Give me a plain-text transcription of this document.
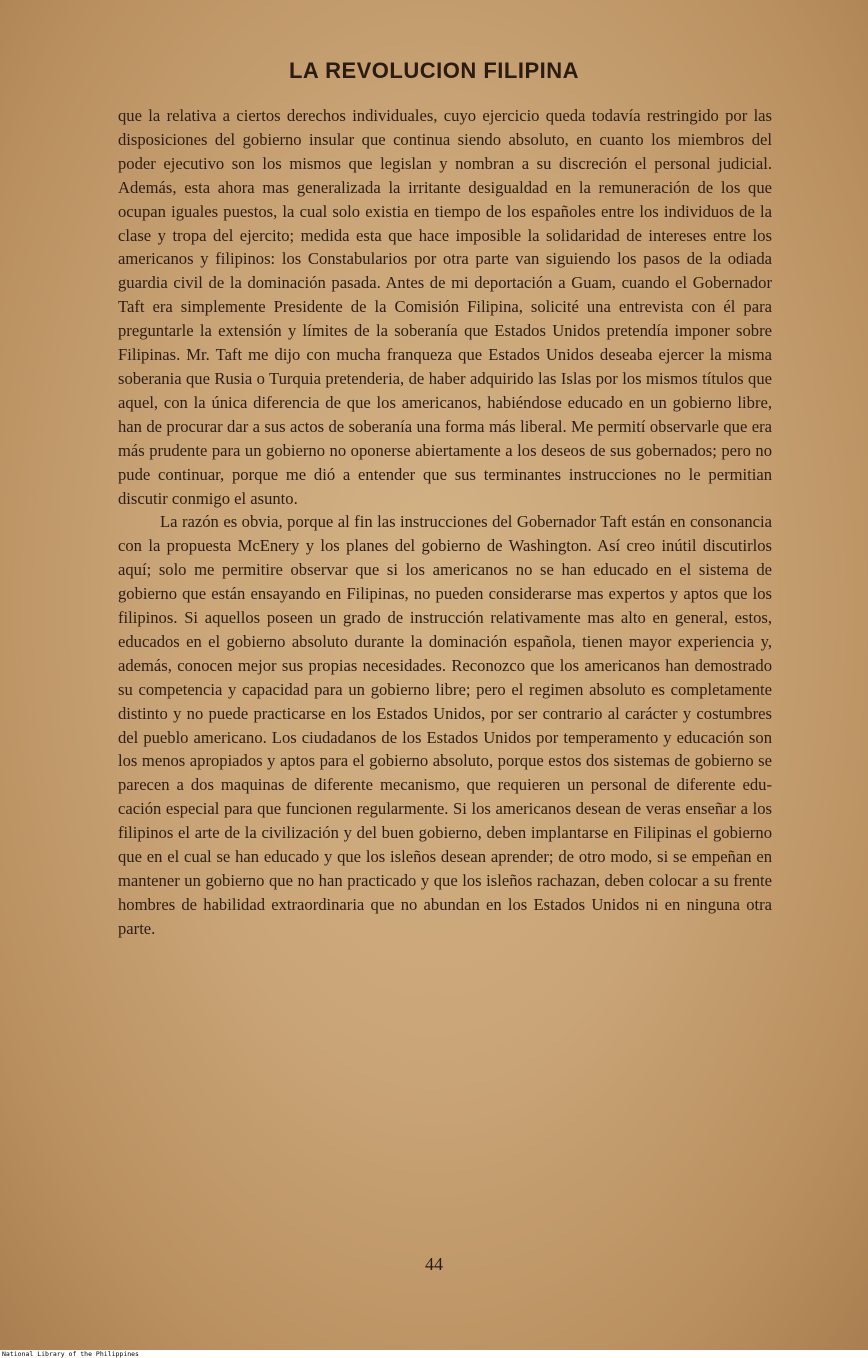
LA REVOLUCION FILIPINA

que la relativa a ciertos derechos individuales, cuyo ejercicio queda todavía restringido por las disposiciones del gobierno insular que continua siendo absoluto, en cuanto los miembros del poder ejecutivo son los mismos que legislan y nombran a su discreción el personal judicial. Además, esta ahora mas generalizada la irritante desigualdad en la remuneración de los que ocupan iguales puestos, la cual solo existia en tiempo de los españoles entre los individuos de la clase y tropa del ejercito; medida esta que hace imposible la solidaridad de intereses entre los americanos y filipinos: los Constabularios por otra parte van siguiendo los pasos de la odiada guardia civil de la dominación pasada. Antes de mi deportación a Guam, cuando el Gobernador Taft era simplemente Presidente de la Comisión Filipina, solicité una entrevista con él para preguntarle la extensión y límites de la soberanía que Estados Unidos pretendía imponer sobre Filipinas. Mr. Taft me dijo con mucha franqueza que Estados Unidos deseaba ejercer la misma soberania que Rusia o Turquia pretenderia, de haber adquirido las Islas por los mismos títulos que aquel, con la única diferencia de que los americanos, habiéndose educado en un gobierno libre, han de procurar dar a sus actos de soberanía una forma más liberal. Me permití observarle que era más prudente para un gobierno no oponerse abiertamente a los deseos de sus gobernados; pero no pude continuar, porque me dió a entender que sus terminantes instrucciones no le permitian discutir conmigo el asunto.

La razón es obvia, porque al fin las instrucciones del Gobernador Taft están en consonancia con la propuesta McEnery y los planes del gobierno de Washington. Así creo inútil discutirlos aquí; solo me permitire observar que si los americanos no se han educado en el sistema de gobierno que están ensayando en Filipinas, no pueden considerarse mas expertos y aptos que los filipinos. Si aquellos poseen un grado de instrucción relativamente mas alto en general, estos, educados en el gobierno absoluto durante la dominación española, tienen mayor experiencia y, además, conocen mejor sus propias necesidades. Reconozco que los americanos han demostrado su competencia y capacidad para un gobierno libre; pero el regimen absoluto es completamente distinto y no puede practicarse en los Estados Unidos, por ser contrario al carácter y costumbres del pueblo americano. Los ciudadanos de los Estados Unidos por temperamento y educación son los menos apropiados y aptos para el gobierno absoluto, porque estos dos sistemas de gobierno se parecen a dos maquinas de diferente mecanismo, que requieren un personal de diferente educación especial para que funcionen regularmente. Si los americanos desean de veras enseñar a los filipinos el arte de la civilización y del buen gobierno, deben implantarse en Filipinas el gobierno que en el cual se han educado y que los isleños desean aprender; de otro modo, si se empeñan en mantener un gobierno que no han practicado y que los isleños rachazan, deben colocar a su frente hombres de habilidad extraordinaria que no abundan en los Estados Unidos ni en ninguna otra parte.

44
National Library of the Philippines
